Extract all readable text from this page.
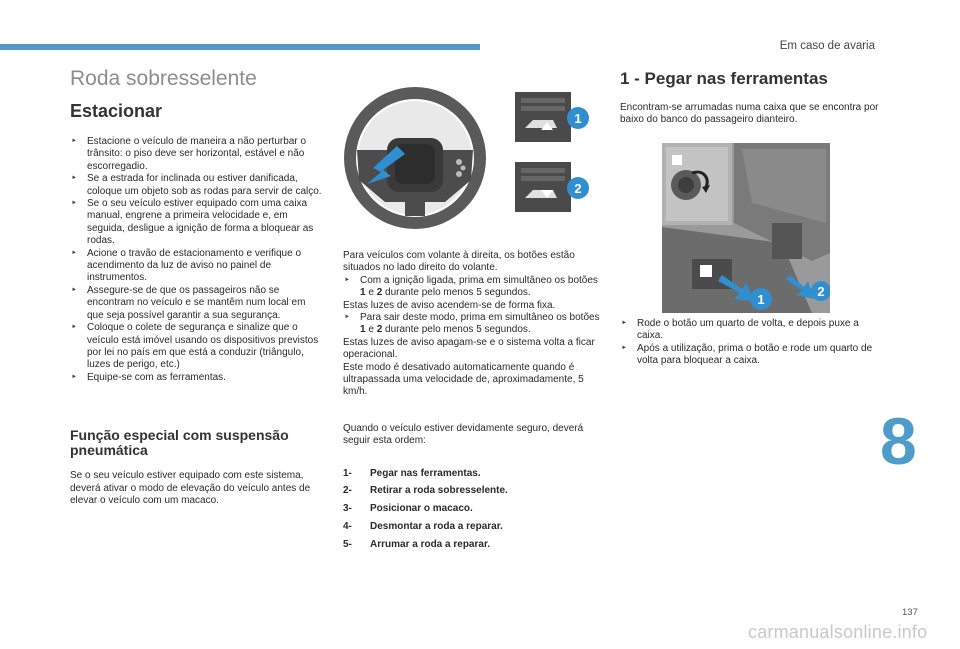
Em caso de avaria
Roda sobresselente
Estacionar
‣ Estacione o veículo de maneira a não perturbar o trânsito: o piso deve ser horizontal, estável e não escorregadio.
‣ Se a estrada for inclinada ou estiver danificada, coloque um objeto sob as rodas para servir de calço.
‣ Se o seu veículo estiver equipado com uma caixa manual, engrene a primeira velocidade e, em seguida, desligue a ignição de forma a bloquear as rodas.
‣ Acione o travão de estacionamento e verifique o acendimento da luz de aviso no painel de instrumentos.
‣ Assegure-se de que os passageiros não se encontram no veículo e se mantêm num local em que seja possível garantir a sua segurança.
‣ Coloque o colete de segurança e sinalize que o veículo está imóvel usando os dispositivos previstos por lei no país em que está a conduzir (triângulo, luzes de perigo, etc.)
‣ Equipe-se com as ferramentas.
Função especial com suspensão pneumática

Se o seu veículo estiver equipado com este sistema, deverá ativar o modo de elevação do veículo antes de elevar o veículo com um macaco.

1
2

Para veículos com volante à direita, os botões estão situados no lado direito do volante.

‣ Com a ignição ligada, prima em simultâneo os botões 1 e 2 durante pelo menos 5 segundos.

Estas luzes de aviso acendem-se de forma fixa.

‣ Para sair deste modo, prima em simultâneo os botões 1 e 2 durante pelo menos 5 segundos.

Estas luzes de aviso apagam-se e o sistema volta a ficar operacional.

Este modo é desativado automaticamente quando é ultrapassada uma velocidade de, aproximadamente, 5 km/h.

Quando o veículo estiver devidamente seguro, deverá seguir esta ordem:

1-	Pegar nas ferramentas.
2-	Retirar a roda sobresselente.
3-	Posicionar o macaco.
4-	Desmontar a roda a reparar.
5-	Arrumar a roda a reparar.
1 - Pegar nas ferramentas

Encontram-se arrumadas numa caixa que se encontra por baixo do banco do passageiro dianteiro.

1
2
‣ Rode o botão um quarto de volta, e depois puxe a caixa.
‣ Após a utilização, prima o botão e rode um quarto de volta para bloquear a caixa.
8
137
carmanualsonline.info
